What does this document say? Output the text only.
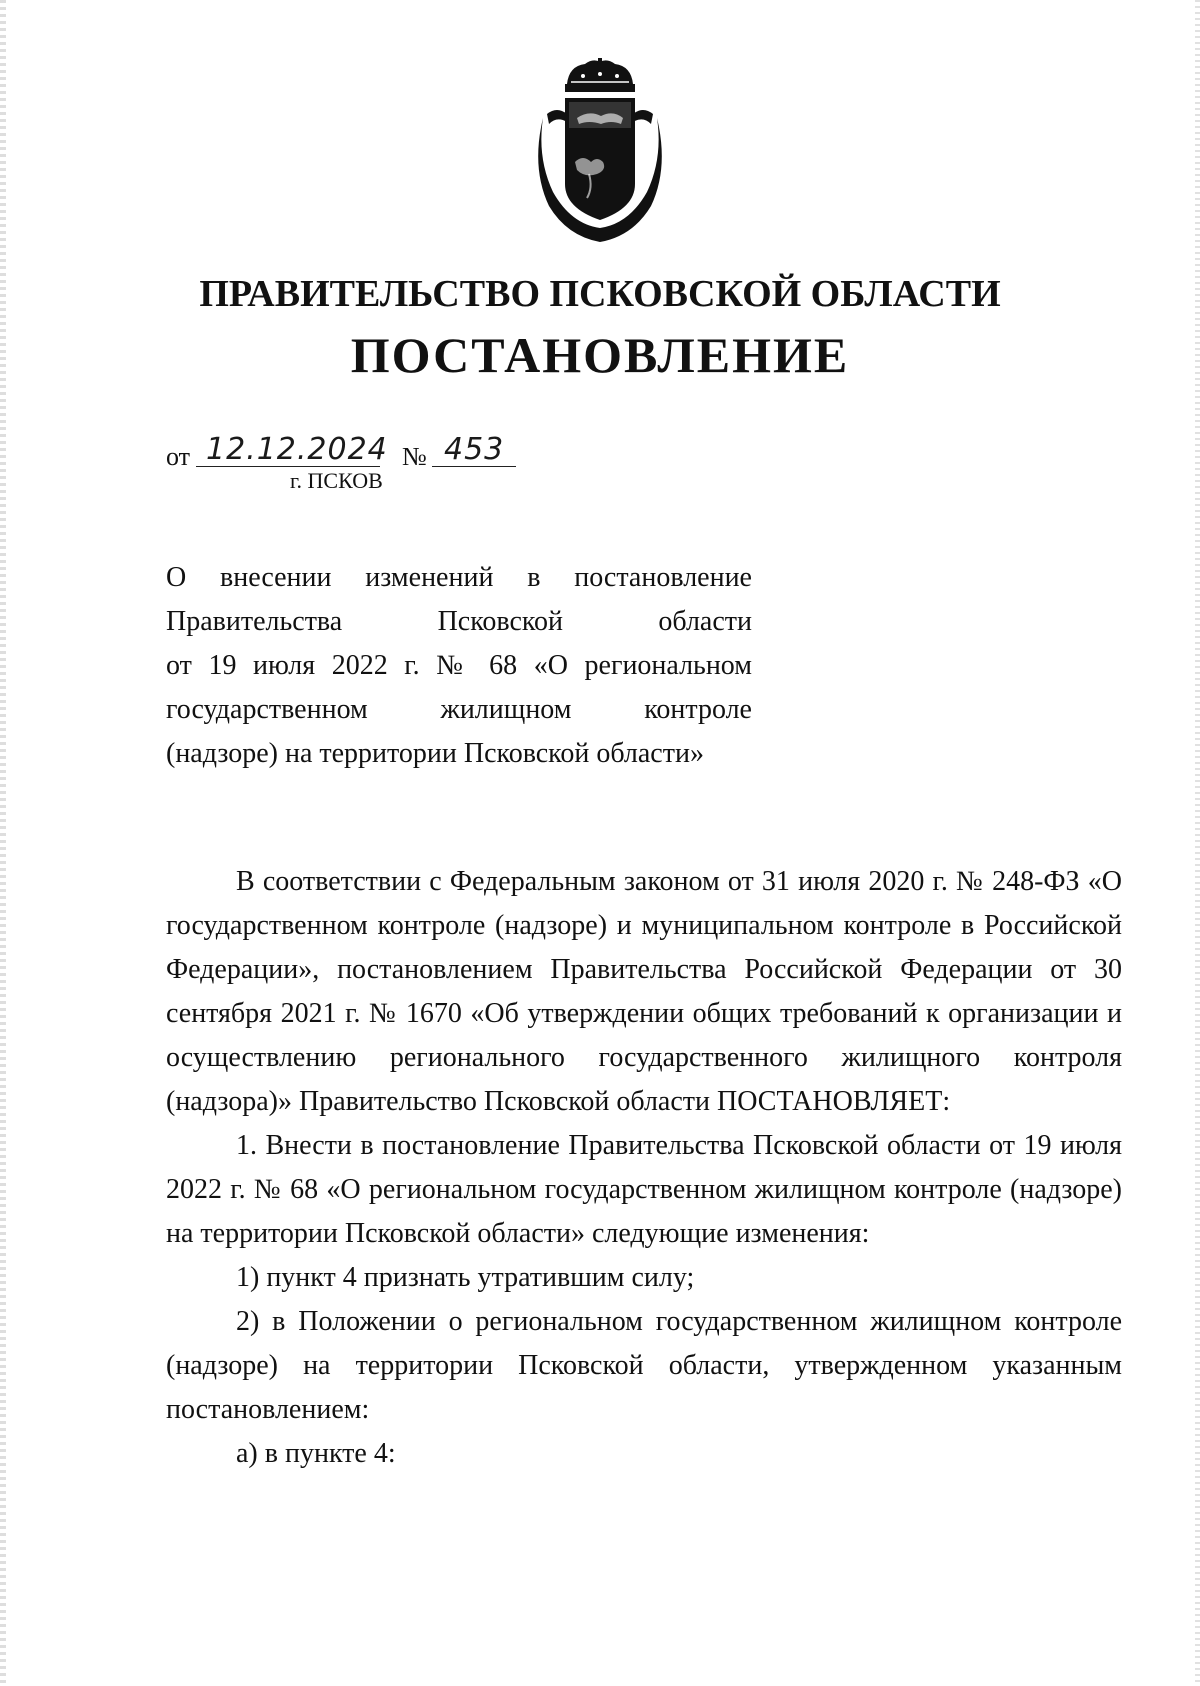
ПРАВИТЕЛЬСТВО ПСКОВСКОЙ ОБЛАСТИ
ПОСТАНОВЛЕНИЕ
от 12.12.2024 № 453
г. ПСКОВ
О внесении изменений в постановление
Правительства Псковской области
от 19 июля 2022 г. № 68 «О региональном
государственном жилищном контроле
(надзоре) на территории Псковской области»

В соответствии с Федеральным законом от 31 июля 2020 г. № 248-ФЗ «О государственном контроле (надзоре) и муниципальном контроле в Российской Федерации», постановлением Правительства Российской Федерации от 30 сентября 2021 г. № 1670 «Об утверждении общих требований к организации и осуществлению регионального государственного жилищного контроля (надзора)» Правительство Псковской области ПОСТАНОВЛЯЕТ:

1. Внести в постановление Правительства Псковской области от 19 июля 2022 г. № 68 «О региональном государственном жилищном контроле (надзоре) на территории Псковской области» следующие изменения:

1) пункт 4 признать утратившим силу;

2) в Положении о региональном государственном жилищном контроле (надзоре) на территории Псковской области, утвержденном указанным постановлением:

а) в пункте 4:
